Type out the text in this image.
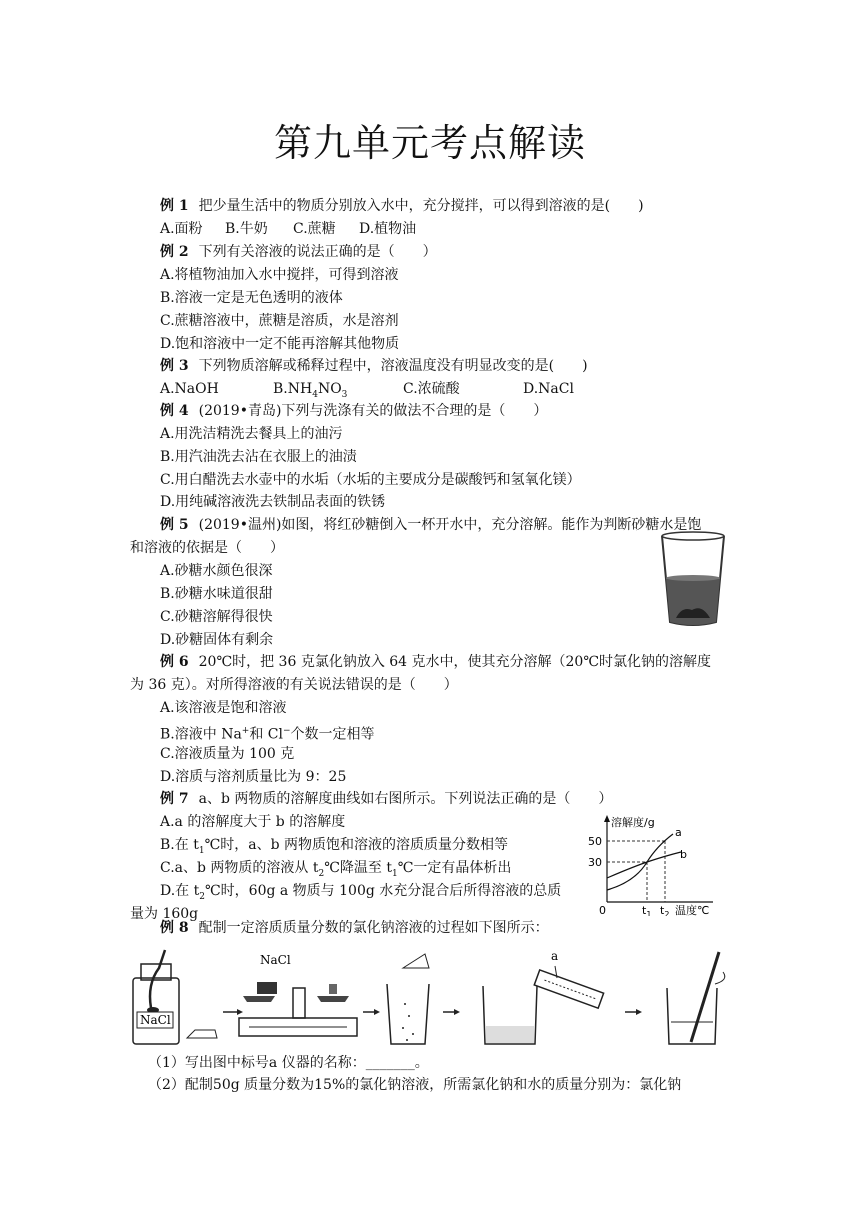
第九单元考点解读
例 1 把少量生活中的物质分别放入水中，充分搅拌，可以得到溶液的是(　　)
A.面粉 B.牛奶 C.蔗糖 D.植物油
例 2 下列有关溶液的说法正确的是（　　）
A.将植物油加入水中搅拌，可得到溶液
B.溶液一定是无色透明的液体
C.蔗糖溶液中，蔗糖是溶质，水是溶剂
D.饱和溶液中一定不能再溶解其他物质
例 3 下列物质溶解或稀释过程中，溶液温度没有明显改变的是(　　)
A.NaOH	$B.NH_4NO_3$	C.浓硫酸	D.NaCl
例 4 (2019•青岛)下列与洗涤有关的做法不合理的是（　　）
A.用洗洁精洗去餐具上的油污
B.用汽油洗去沾在衣服上的油渍
C.用白醋洗去水壶中的水垢（水垢的主要成分是碳酸钙和氢氧化镁）
D.用纯碱溶液洗去铁制品表面的铁锈
例 5 (2019•温州)如图，将红砂糖倒入一杯开水中，充分溶解。能作为判断砂糖水是饱
和溶液的依据是（　　）
A.砂糖水颜色很深
B.砂糖水味道很甜
C.砂糖溶解得很快
D.砂糖固体有剩余
例 6 20℃时，把 36 克氯化钠放入 64 克水中，使其充分溶解（20℃时氯化钠的溶解度
为 36 克）。对所得溶液的有关说法错误的是（　　）
A.该溶液是饱和溶液
B.溶液中 Na+和 Cl−个数一定相等
C.溶液质量为 100 克
D.溶质与溶剂质量比为 9：25
例 7 a、b 两物质的溶解度曲线如右图所示。下列说法正确的是（　　）
A.a 的溶解度大于 b 的溶解度
B.在 $t_1℃$时，a、b 两物质饱和溶液的溶质质量分数相等
C.a、b 两物质的溶液从 $t_2℃$降温至 $t_1℃$一定有晶体析出
D.在 $t_2℃$时，60g a 物质与 100g 水充分混合后所得溶液的总质
量为 160g
溶解度/g
50
30
0
a
b
$t_1$ $t_2$ 温度℃
例 8 配制一定溶质质量分数的氯化钠溶液的过程如下图所示：
NaCl
NaCl	a
（1）写出图中标号a 仪器的名称：_______。
（2）配制50g 质量分数为15%的氯化钠溶液，所需氯化钠和水的质量分别为：氯化钠
